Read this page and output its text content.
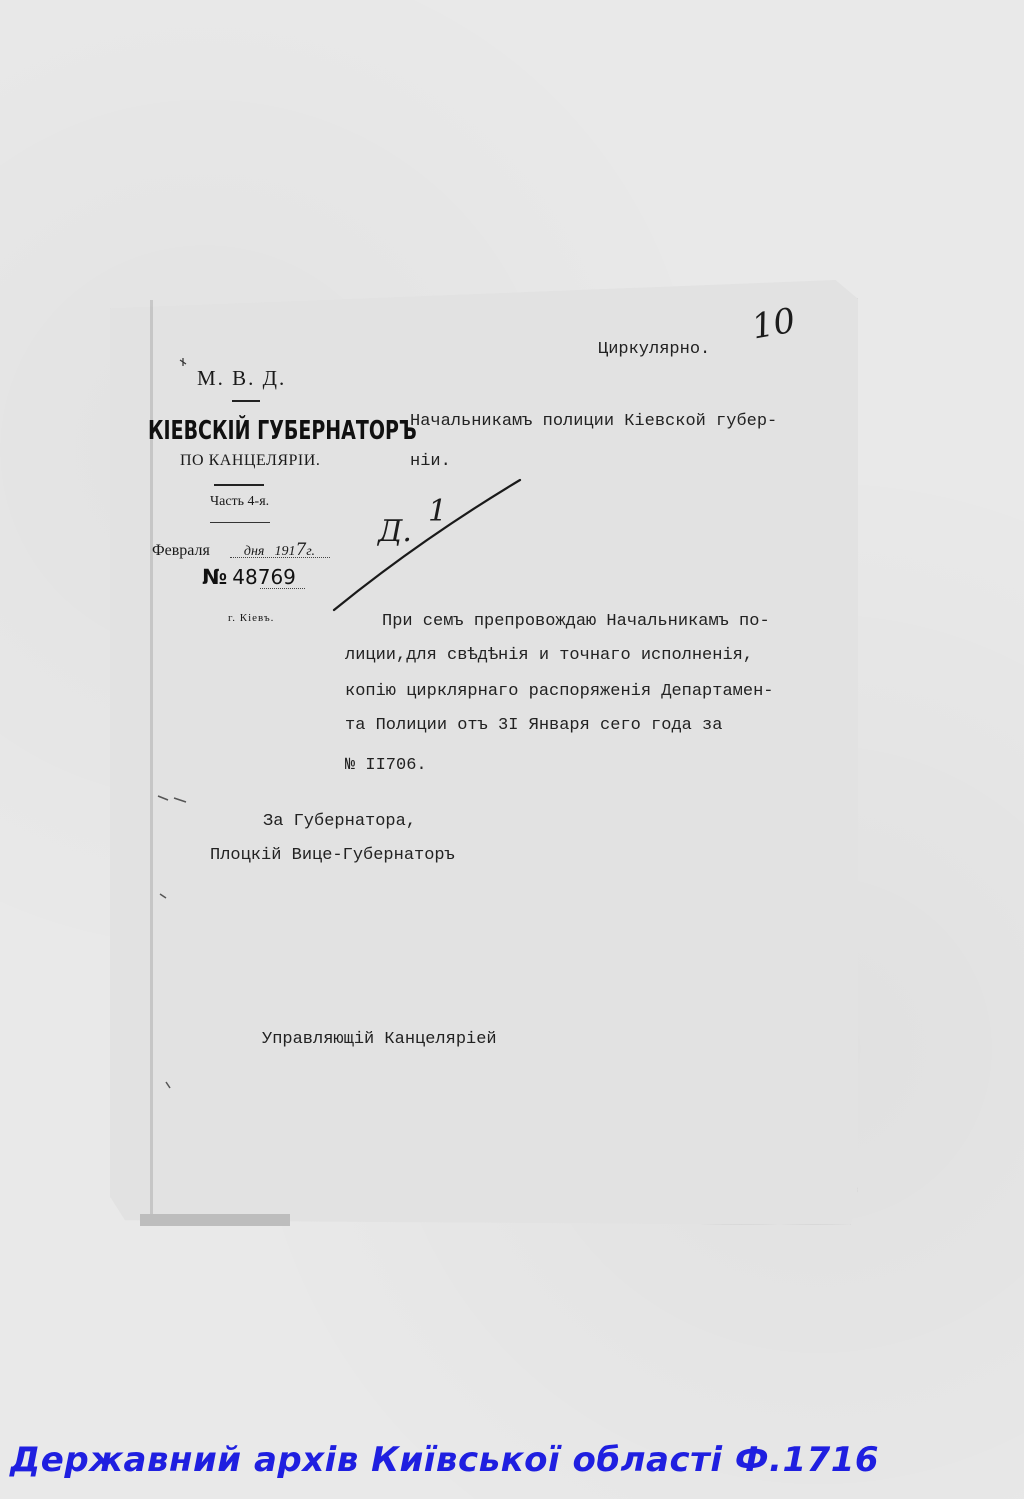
М. В. Д.
КІЕВСКІЙ ГУБЕРНАТОРЪ
ПО КАНЦЕЛЯРІИ.
Часть 4-я.
Февраля дня 1917г.
№ 48769
г. Кіевъ.
Циркулярно.
Начальникамъ полиции Кіевской губер-
ніи.
При семъ препровождаю Начальникамъ по-
лиции,для свѣдѣнія и точнаго исполненія,
копію цирклярнаго распоряженія Департамен-
та Полиции отъ 3I Января сего года за
№ II706.
За Губернатора,
Плоцкій Вице-Губернаторъ
Управляющій Канцеляріей
10
Д.
1
Державний архів Київської області Ф.1716
